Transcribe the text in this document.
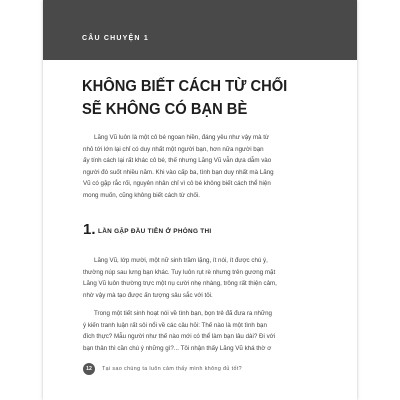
CÂU CHUYỆN 1
KHÔNG BIẾT CÁCH TỪ CHỐI
SẼ KHÔNG CÓ BẠN BÈ
Lăng Vũ luôn là một cô bé ngoan hiền, đáng yêu như vậy mà từ
nhỏ tới lớn lại chỉ có duy nhất một người bạn, hơn nữa người bạn
ấy tính cách lại rất khác cô bé, thế nhưng Lăng Vũ vẫn dựa dẫm vào
người đó suốt nhiều năm. Khi vào cấp ba, tình bạn duy nhất mà Lăng
Vũ có gặp rắc rối, nguyên nhân chỉ vì cô bé không biết cách thể hiện
mong muốn, cũng không biết cách từ chối.
1. LẦN GẶP ĐẦU TIÊN Ở PHÒNG THI
Lăng Vũ, lớp mười, một nữ sinh trầm lặng, ít nói, ít được chú ý,
thường núp sau lưng bạn khác. Tuy luôn rụt rè nhưng trên gương mặt
Lăng Vũ luôn thường trực một nụ cười nhẹ nhàng, trông rất thiện cảm,
nhờ vậy mà tạo được ấn tượng sâu sắc với tôi.
Trong một tiết sinh hoạt nói về tình bạn, bọn trẻ đã đưa ra những
ý kiến tranh luận rất sôi nổi về các câu hỏi: Thế nào là một tình bạn
đích thực? Mẫu người như thế nào mới có thể làm bạn lâu dài? Đi với
bạn thân thì cần chú ý những gì?... Tôi nhận thấy Lăng Vũ khá thờ ơ
12	Tại sao chúng ta luôn cảm thấy mình không đủ tốt?
